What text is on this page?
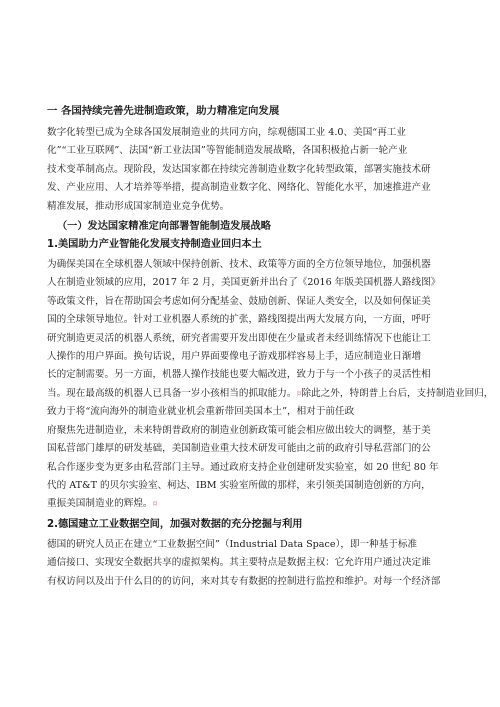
一 各国持续完善先进制造政策，助力精准定向发展
数字化转型已成为全球各国发展制造业的共同方向，综观德国工业 4.0、美国“再工业
化”“工业互联网”、法国“新工业法国”等智能制造发展战略，各国积极抢占新一轮产业
技术变革制高点。现阶段，发达国家都在持续完善制造业数字化转型政策，部署实施技术研
发、产业应用、人才培养等举措，提高制造业数字化、网络化、智能化水平，加速推进产业
精准发展，推动形成国家制造业竞争优势。
（一）发达国家精准定向部署智能制造发展战略
1.美国助力产业智能化发展支持制造业回归本土
为确保美国在全球机器人领域中保持创新、技术、政策等方面的全方位领导地位，加强机器
人在制造业领域的应用，2017 年 2 月，美国更新并出台了《2016 年版美国机器人路线图》
等政策文件，旨在帮助国会考虑如何分配基金、鼓励创新、保证人类安全，以及如何保证美
国的全球领导地位。针对工业机器人系统的扩张，路线图提出两大发展方向，一方面，呼吁
研究制造更灵活的机器人系统，研究者需要开发出即使在少量或者未经训练情况下也能让工
人操作的用户界面。换句话说，用户界面要像电子游戏那样容易上手，适应制造业日渐增
长的定制需要。另一方面，机器人操作技能也要大幅改进，致力于与一个小孩子的灵活性相
当。现在最高级的机器人已具备一岁小孩相当的抓取能力。¤除此之外，特朗普上台后，支持制造业回归，
致力于将“流向海外的制造业就业机会重新带回美国本土”，相对于前任政
府聚焦先进制造业，未来特朗普政府的制造业创新政策可能会相应做出较大的调整，基于美
国私营部门雄厚的研发基础，美国制造业重大技术研发可能由之前的政府引导私营部门的公
私合作逐步变为更多由私营部门主导。通过政府支持企业创建研发实验室，如 20 世纪 80 年
代的 AT&T 的贝尔实验室、柯达、IBM 实验室所做的那样，来引领美国制造创新的方向，
重振美国制造业的辉煌。¤
2.德国建立工业数据空间，加强对数据的充分挖掘与利用
德国的研究人员正在建立“工业数据空间”（Industrial Data Space），即一种基于标准
通信接口、实现安全数据共享的虚拟架构。其主要特点是数据主权：它允许用户通过决定谁
有权访问以及出于什么目的的访问，来对其专有数据的控制进行监控和维护。对每一个经济部
